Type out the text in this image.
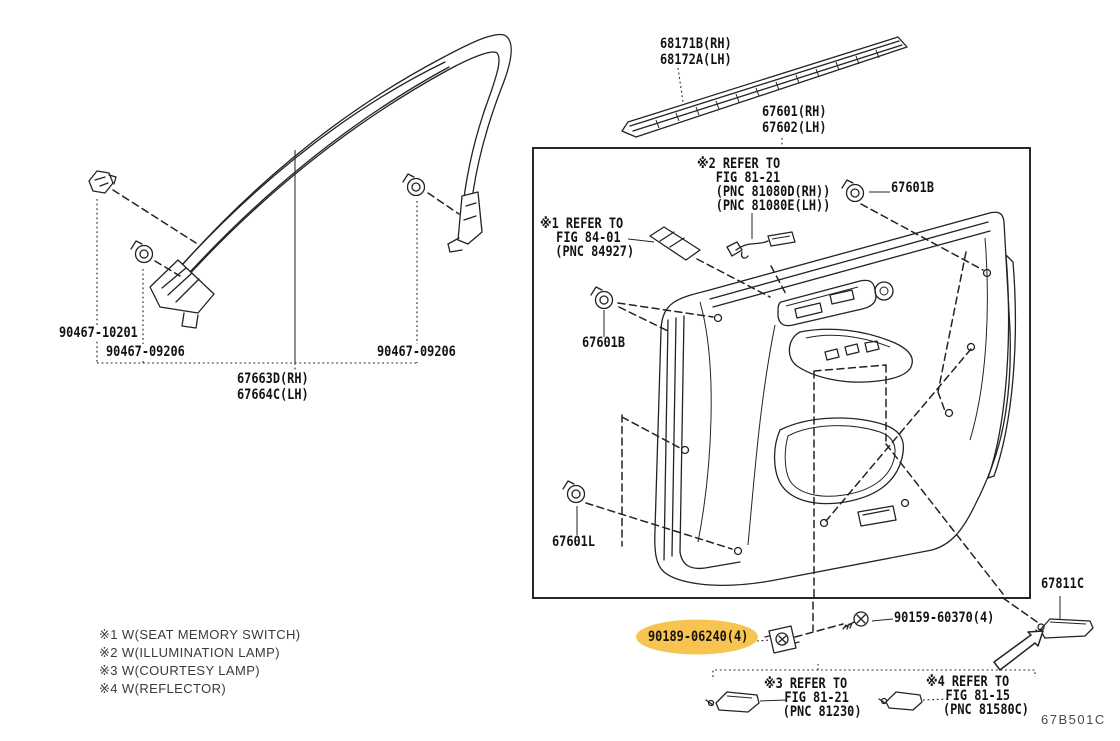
68171B(RH)
68172A(LH)
67601(RH)
67602(LH)
90467-10201
90467-09206	90467-09206
67663D(RH)
67664C(LH)
※1 REFER TO
FIG 84-01
(PNC 84927)
※2 REFER TO
FIG 81-21
(PNC 81080D(RH))
(PNC 81080E(LH))
67601B
67601B
67601L
90189-06240(4)
90159-60370(4)
67811C
※3 REFER TO
FIG 81-21
(PNC 81230)
※4 REFER TO
FIG 81-15
(PNC 81580C)
※1 W(SEAT MEMORY SWITCH)
※2 W(ILLUMINATION LAMP)
※3 W(COURTESY LAMP)
※4 W(REFLECTOR)
67B501C
